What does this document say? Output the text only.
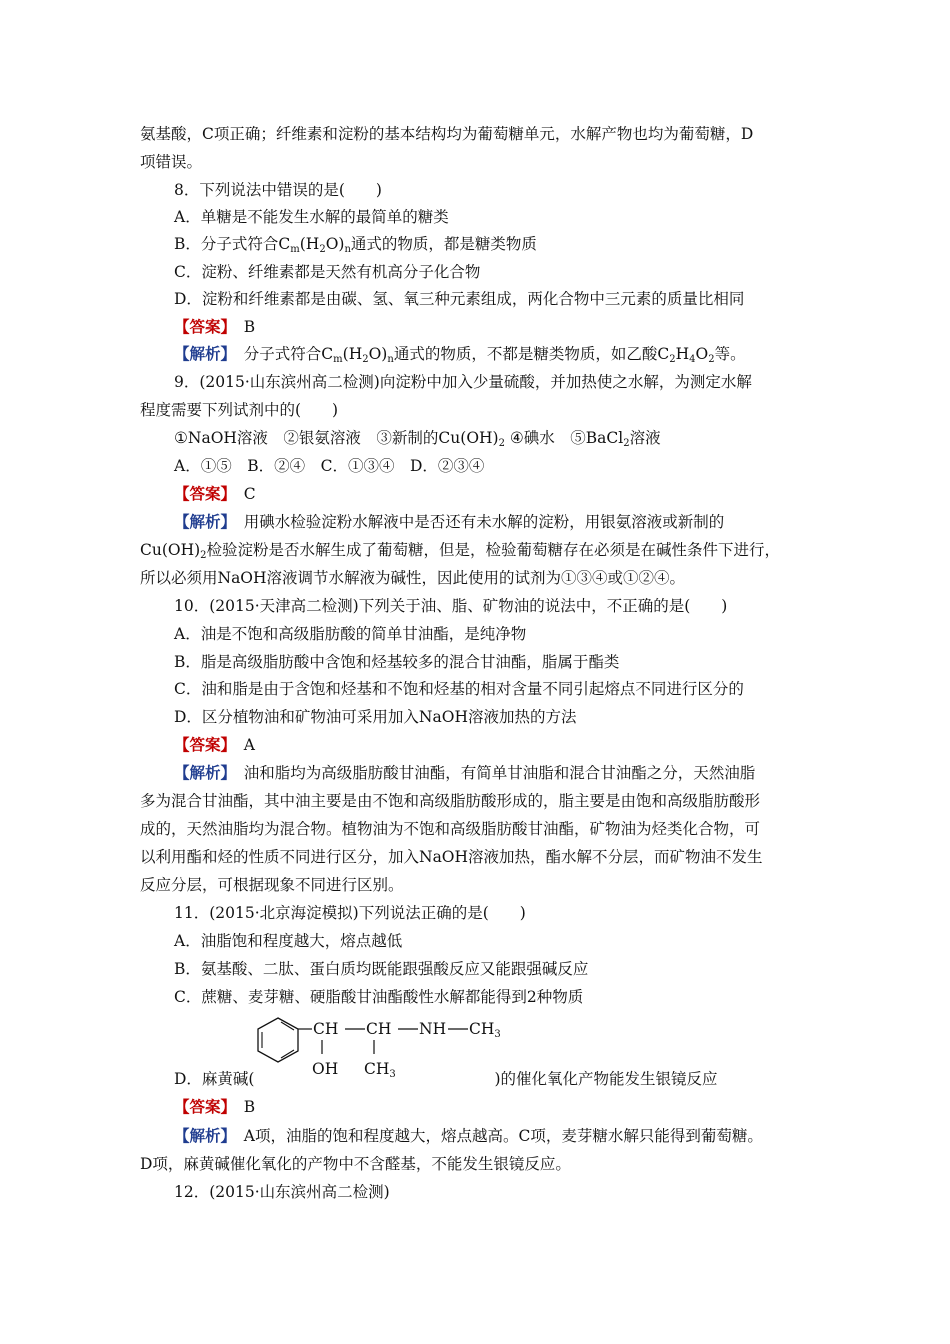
氨基酸，C项正确；纤维素和淀粉的基本结构均为葡萄糖单元，水解产物也均为葡萄糖，D
项错误。
8．下列说法中错误的是(　　)
A．单糖是不能发生水解的最简单的糖类
B．分子式符合$C_m(H_2O)_n$通式的物质，都是糖类物质
C．淀粉、纤维素都是天然有机高分子化合物
D．淀粉和纤维素都是由碳、氢、氧三种元素组成，两化合物中三元素的质量比相同
【答案】　 B
【解析】　 分子式符合$C_m(H_2O)_n$通式的物质，不都是糖类物质，如乙酸$C_2H_4O_2$等。
9．(2015·山东滨州高二检测)向淀粉中加入少量硫酸，并加热使之水解，为测定水解
程度需要下列试剂中的(　　)
①NaOH溶液　②银氨溶液　③新制的$Cu(OH)_2$ ④碘水　⑤BaCl$_2$溶液
A．①⑤　B．②④　C．①③④　D．②③④
【答案】　 C
【解析】　 用碘水检验淀粉水解液中是否还有未水解的淀粉，用银氨溶液或新制的
$Cu(OH)_2$检验淀粉是否水解生成了葡萄糖，但是，检验葡萄糖存在必须是在碱性条件下进行，
所以必须用NaOH溶液调节水解液为碱性，因此使用的试剂为①③④或①②④。
10．(2015·天津高二检测)下列关于油、脂、矿物油的说法中，不正确的是(　　)
A．油是不饱和高级脂肪酸的简单甘油酯，是纯净物
B．脂是高级脂肪酸中含饱和烃基较多的混合甘油酯，脂属于酯类
C．油和脂是由于含饱和烃基和不饱和烃基的相对含量不同引起熔点不同进行区分的
D．区分植物油和矿物油可采用加入NaOH溶液加热的方法
【答案】　 A
【解析】　 油和脂均为高级脂肪酸甘油酯，有简单甘油脂和混合甘油酯之分，天然油脂
多为混合甘油酯，其中油主要是由不饱和高级脂肪酸形成的，脂主要是由饱和高级脂肪酸形
成的，天然油脂均为混合物。植物油为不饱和高级脂肪酸甘油酯，矿物油为烃类化合物，可
以利用酯和烃的性质不同进行区分，加入NaOH溶液加热，酯水解不分层，而矿物油不发生
反应分层，可根据现象不同进行区别。
11．(2015·北京海淀模拟)下列说法正确的是(　　)
A．油脂饱和程度越大，熔点越低
B．氨基酸、二肽、蛋白质均既能跟强酸反应又能跟强碱反应
C．蔗糖、麦芽糖、硬脂酸甘油酯酸性水解都能得到2种物质
CH CH NH $CH_3$
OH $CH_3$
D．麻黄碱(	)的催化氧化产物能发生银镜反应
【答案】　 B
【解析】　 A项，油脂的饱和程度越大，熔点越高。C项，麦芽糖水解只能得到葡萄糖。
D项，麻黄碱催化氧化的产物中不含醛基，不能发生银镜反应。
12．(2015·山东滨州高二检测)
